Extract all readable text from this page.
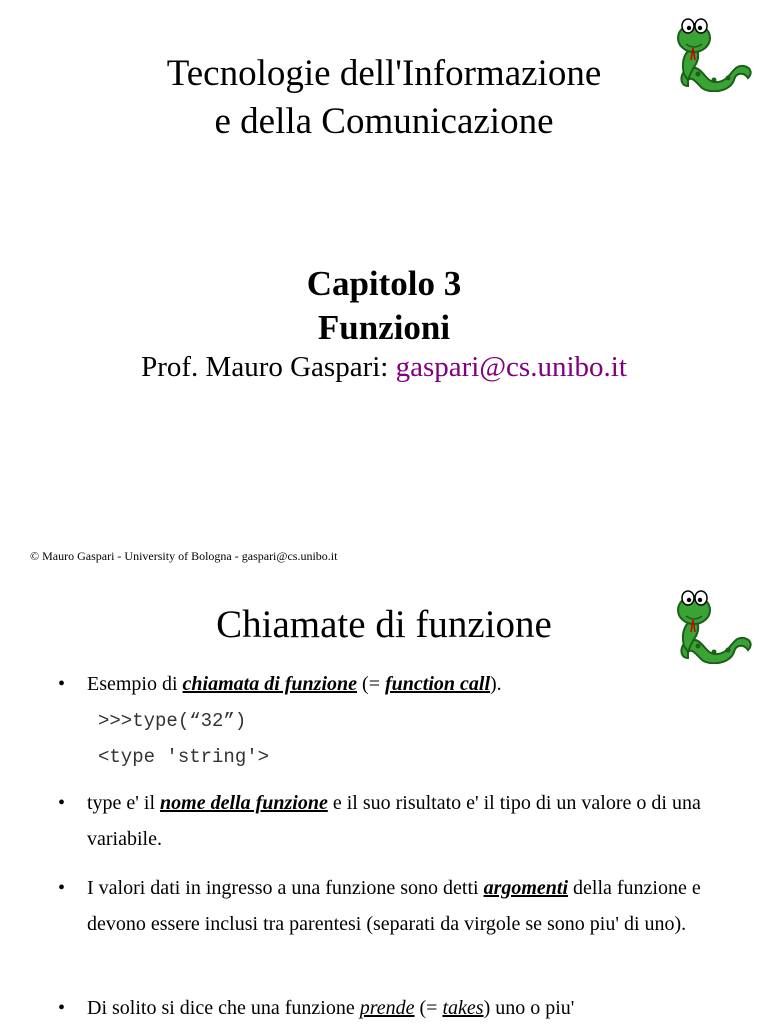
Tecnologie dell'Informazione
e della Comunicazione
Capitolo 3
Funzioni
Prof. Mauro Gaspari: gaspari@cs.unibo.it
© Mauro Gaspari - University of Bologna - gaspari@cs.unibo.it
Chiamate di funzione
• Esempio di chiamata di funzione (= function call).
• type e' il nome della funzione e il suo risultato e' il tipo di un valore o di una variabile.
• I valori dati in ingresso a una funzione sono detti argomenti della funzione e devono essere inclusi tra parentesi (separati da virgole se sono piu' di uno).
• Di solito si dice che una funzione prende (= takes) uno o piu'
>>>type(“32”)
<type 'string'>
